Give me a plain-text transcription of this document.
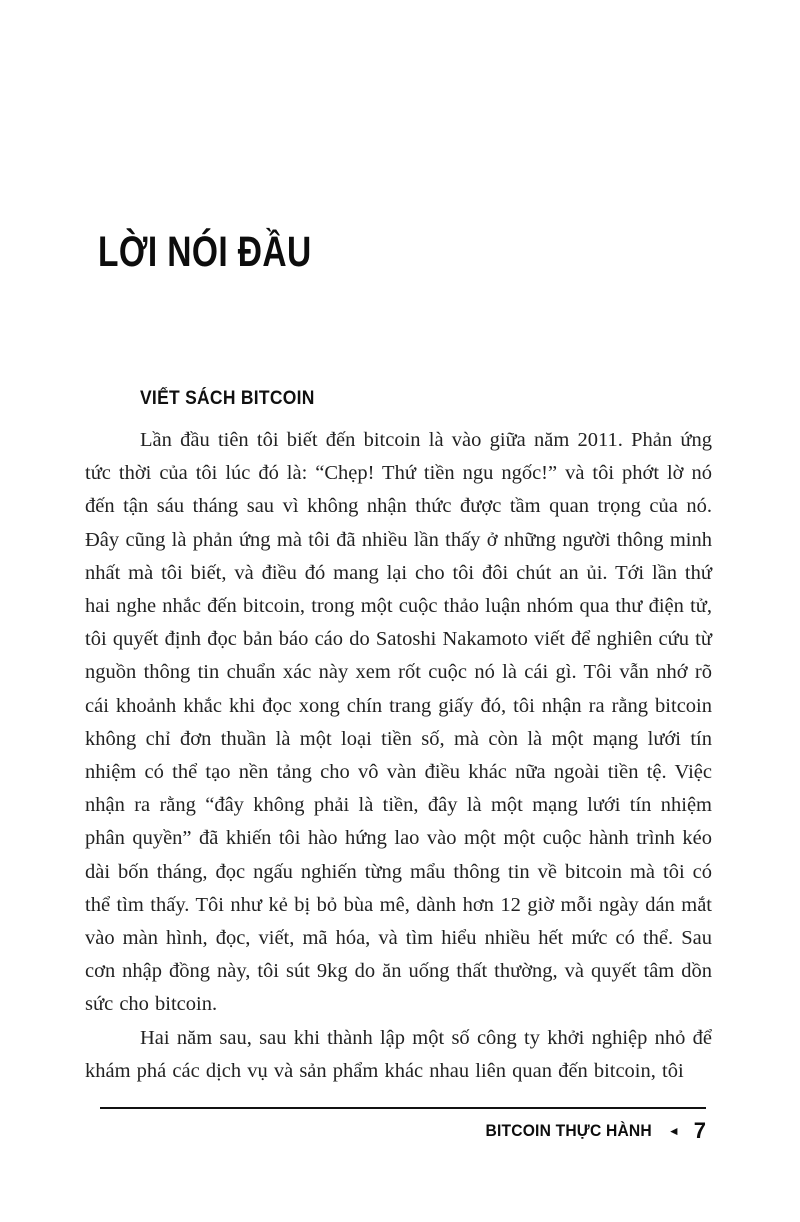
LỜI NÓI ĐẦU
VIẾT SÁCH BITCOIN

Lần đầu tiên tôi biết đến bitcoin là vào giữa năm 2011. Phản ứng tức thời của tôi lúc đó là: “Chẹp! Thứ tiền ngu ngốc!” và tôi phớt lờ nó đến tận sáu tháng sau vì không nhận thức được tầm quan trọng của nó. Đây cũng là phản ứng mà tôi đã nhiều lần thấy ở những người thông minh nhất mà tôi biết, và điều đó mang lại cho tôi đôi chút an ủi. Tới lần thứ hai nghe nhắc đến bitcoin, trong một cuộc thảo luận nhóm qua thư điện tử, tôi quyết định đọc bản báo cáo do Satoshi Nakamoto viết để nghiên cứu từ nguồn thông tin chuẩn xác này xem rốt cuộc nó là cái gì. Tôi vẫn nhớ rõ cái khoảnh khắc khi đọc xong chín trang giấy đó, tôi nhận ra rằng bitcoin không chỉ đơn thuần là một loại tiền số, mà còn là một mạng lưới tín nhiệm có thể tạo nền tảng cho vô vàn điều khác nữa ngoài tiền tệ. Việc nhận ra rằng “đây không phải là tiền, đây là một mạng lưới tín nhiệm phân quyền” đã khiến tôi hào hứng lao vào một một cuộc hành trình kéo dài bốn tháng, đọc ngấu nghiến từng mẩu thông tin về bitcoin mà tôi có thể tìm thấy. Tôi như kẻ bị bỏ bùa mê, dành hơn 12 giờ mỗi ngày dán mắt vào màn hình, đọc, viết, mã hóa, và tìm hiểu nhiều hết mức có thể. Sau cơn nhập đồng này, tôi sút 9kg do ăn uống thất thường, và quyết tâm dồn sức cho bitcoin.

Hai năm sau, sau khi thành lập một số công ty khởi nghiệp nhỏ để khám phá các dịch vụ và sản phẩm khác nhau liên quan đến bitcoin, tôi

BITCOIN THỰC HÀNH ◄ 7
